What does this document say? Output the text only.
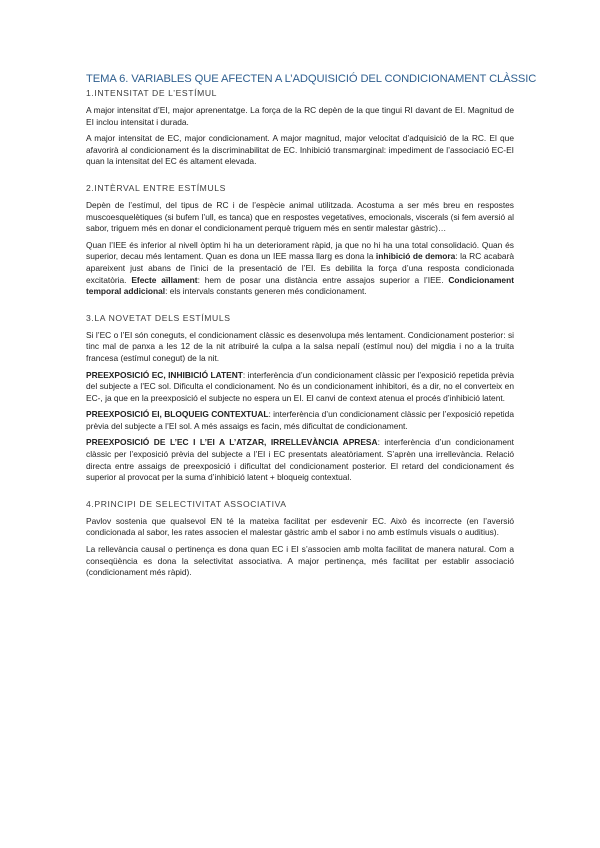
TEMA 6. VARIABLES QUE AFECTEN A L’ADQUISICIÓ DEL CONDICIONAMENT CLÀSSIC
1.INTENSITAT DE L’ESTÍMUL

A major intensitat d’EI, major aprenentatge. La força de la RC depèn de la que tingui RI davant de EI. Magnitud de EI inclou intensitat i durada.

A major intensitat de EC, major condicionament. A major magnitud, major velocitat d’adquisició de la RC. El que afavorirà al condicionament és la discriminabilitat de EC. Inhibició transmarginal: impediment de l’associació EC-EI quan la intensitat del EC és altament elevada.

2.INTÈRVAL ENTRE ESTÍMULS

Depèn de l’estímul, del tipus de RC i de l’espècie animal utilitzada. Acostuma a ser més breu en respostes muscoesquelètiques (si bufem l’ull, es tanca) que en respostes vegetatives, emocionals, viscerals (si fem aversió al sabor, triguem més en donar el condicionament perquè triguem més en sentir malestar gàstric)…

Quan l’IEE és inferior al nivell òptim hi ha un deteriorament ràpid, ja que no hi ha una total consolidació. Quan és superior, decau més lentament. Quan es dona un IEE massa llarg es dona la inhibició de demora: la RC acabarà apareixent just abans de l’inici de la presentació de l’EI. Es debilita la força d’una resposta condicionada excitatòria. Efecte aïllament: hem de posar una distància entre assajos superior a l’IEE. Condicionament temporal addicional: els intervals constants generen més condicionament.

3.LA NOVETAT DELS ESTÍMULS

Si l’EC o l’EI són coneguts, el condicionament clàssic es desenvolupa més lentament. Condicionament posterior: si tinc mal de panxa a les 12 de la nit atribuiré la culpa a la salsa nepalí (estímul nou) del migdia i no a la truita francesa (estímul conegut) de la nit.

PREEXPOSICIÓ EC, INHIBICIÓ LATENT: interferència d’un condicionament clàssic per l’exposició repetida prèvia del subjecte a l’EC sol. Dificulta el condicionament. No és un condicionament inhibitori, és a dir, no el converteix en EC-, ja que en la preexposició el subjecte no espera un EI. El canvi de context atenua el procés d’inhibició latent.

PREEXPOSICIÓ EI, BLOQUEIG CONTEXTUAL: interferència d’un condicionament clàssic per l’exposició repetida prèvia del subjecte a l’EI sol. A més assaigs es facin, més dificultat de condicionament.

PREEXPOSICIÓ DE L’EC I L’EI A L’ATZAR, IRRELLEVÀNCIA APRESA: interferència d’un condicionament clàssic per l’exposició prèvia del subjecte a l’EI i EC presentats aleatòriament. S’aprèn una irrellevància. Relació directa entre assaigs de preexposició i dificultat del condicionament posterior. El retard del condicionament és superior al provocat per la suma d’inhibició latent + bloqueig contextual.

4.PRINCIPI DE SELECTIVITAT ASSOCIATIVA

Pavlov sostenia que qualsevol EN té la mateixa facilitat per esdevenir EC. Això és incorrecte (en l’aversió condicionada al sabor, les rates associen el malestar gàstric amb el sabor i no amb estímuls visuals o auditius).

La rellevància causal o pertinença es dona quan EC i EI s’associen amb molta facilitat de manera natural. Com a conseqüència es dona la selectivitat associativa. A major pertinença, més facilitat per establir associació (condicionament més ràpid).
